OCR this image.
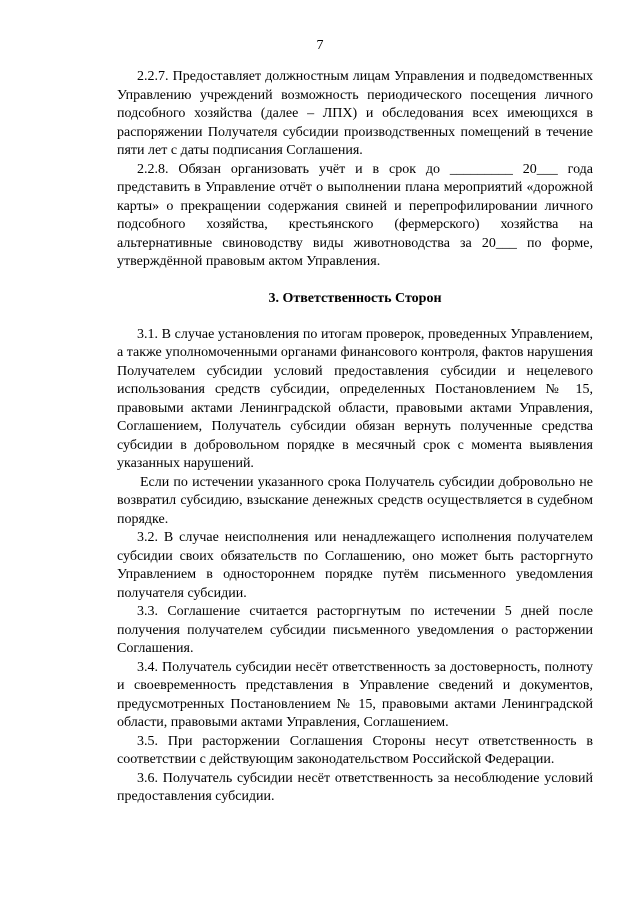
7

2.2.7. Предоставляет должностным лицам Управления и подведомственных Управлению учреждений возможность периодического посещения личного подсобного хозяйства (далее – ЛПХ) и обследования всех имеющихся в распоряжении Получателя субсидии производственных помещений в течение пяти лет с даты подписания Соглашения.

2.2.8. Обязан организовать учёт и в срок до _________ 20___ года представить в Управление отчёт о выполнении плана мероприятий «дорожной карты» о прекращении содержания свиней и перепрофилировании личного подсобного хозяйства, крестьянского (фермерского) хозяйства на альтернативные свиноводству виды животноводства за 20___ по форме, утверждённой правовым актом Управления.

3. Ответственность Сторон

3.1. В случае установления по итогам проверок, проведенных Управлением, а также уполномоченными органами финансового контроля, фактов нарушения Получателем субсидии условий предоставления субсидии и нецелевого использования средств субсидии, определенных Постановлением № 15, правовыми актами Ленинградской области, правовыми актами Управления, Соглашением, Получатель субсидии обязан вернуть полученные средства субсидии в добровольном порядке в месячный срок с момента выявления указанных нарушений.

Если по истечении указанного срока Получатель субсидии добровольно не возвратил субсидию, взыскание денежных средств осуществляется в судебном порядке.

3.2. В случае неисполнения или ненадлежащего исполнения получателем субсидии своих обязательств по Соглашению, оно может быть расторгнуто Управлением в одностороннем порядке путём письменного уведомления получателя субсидии.

3.3. Соглашение считается расторгнутым по истечении 5 дней после получения получателем субсидии письменного уведомления о расторжении Соглашения.

3.4. Получатель субсидии несёт ответственность за достоверность, полноту и своевременность представления в Управление сведений и документов, предусмотренных Постановлением № 15, правовыми актами Ленинградской области, правовыми актами Управления, Соглашением.

3.5. При расторжении Соглашения Стороны несут ответственность в соответствии с действующим законодательством Российской Федерации.

3.6. Получатель субсидии несёт ответственность за несоблюдение условий предоставления субсидии.
